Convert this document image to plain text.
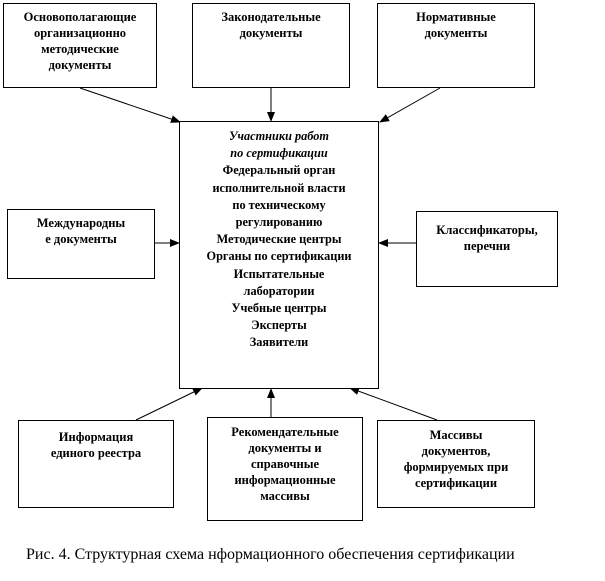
Основополагающие
организационно
методические
документы
Законодательные
документы
Нормативные
документы
Международны
е документы
Участники работ
по сертификации
Федеральный орган
исполнительной власти
по техническому
регулированию
Методические центры
Органы по сертификации
Испытательные
лаборатории
Учебные центры
Эксперты
Заявители
Классификаторы,
перечни
Информация
единого реестра
Рекомендательные
документы и
справочные
информационные
массивы
Массивы
документов,
формируемых при
сертификации
Рис. 4. Структурная схема нформационного обеспечения сертификации
